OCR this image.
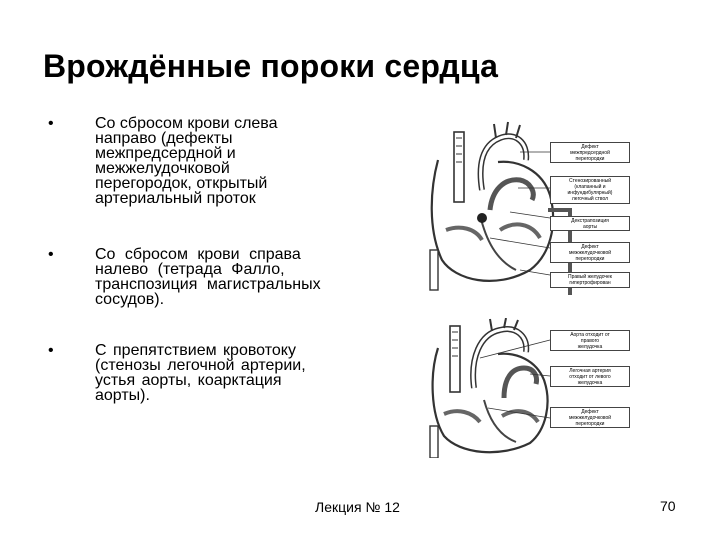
Врождённые пороки сердца
•	Со сбросом крови слева
направо (дефекты
межпредсердной и
межжелудочковой
перегородок, открытый
артериальный проток
•	Со сбросом крови справа
налево (тетрада Фалло,
транспозиция магистральных
сосудов).
•	С препятствием кровотоку
(стенозы легочной артерии,
устья аорты, коарктация
аорты).
Дефект
межпредсердной
перегородки
Стенозированный
(клапанный и
инфундибулярный)
легочный ствол
Декстрапозиция
аорты
Дефект
межжелудочковой
перегородки
Правый желудочек
гипертрофирован
Аорта отходит от
правого
желудочка
Легочная артерия
отходит от левого
желудочка
Дефект
межжелудочковой
перегородки
Лекция № 12	70
